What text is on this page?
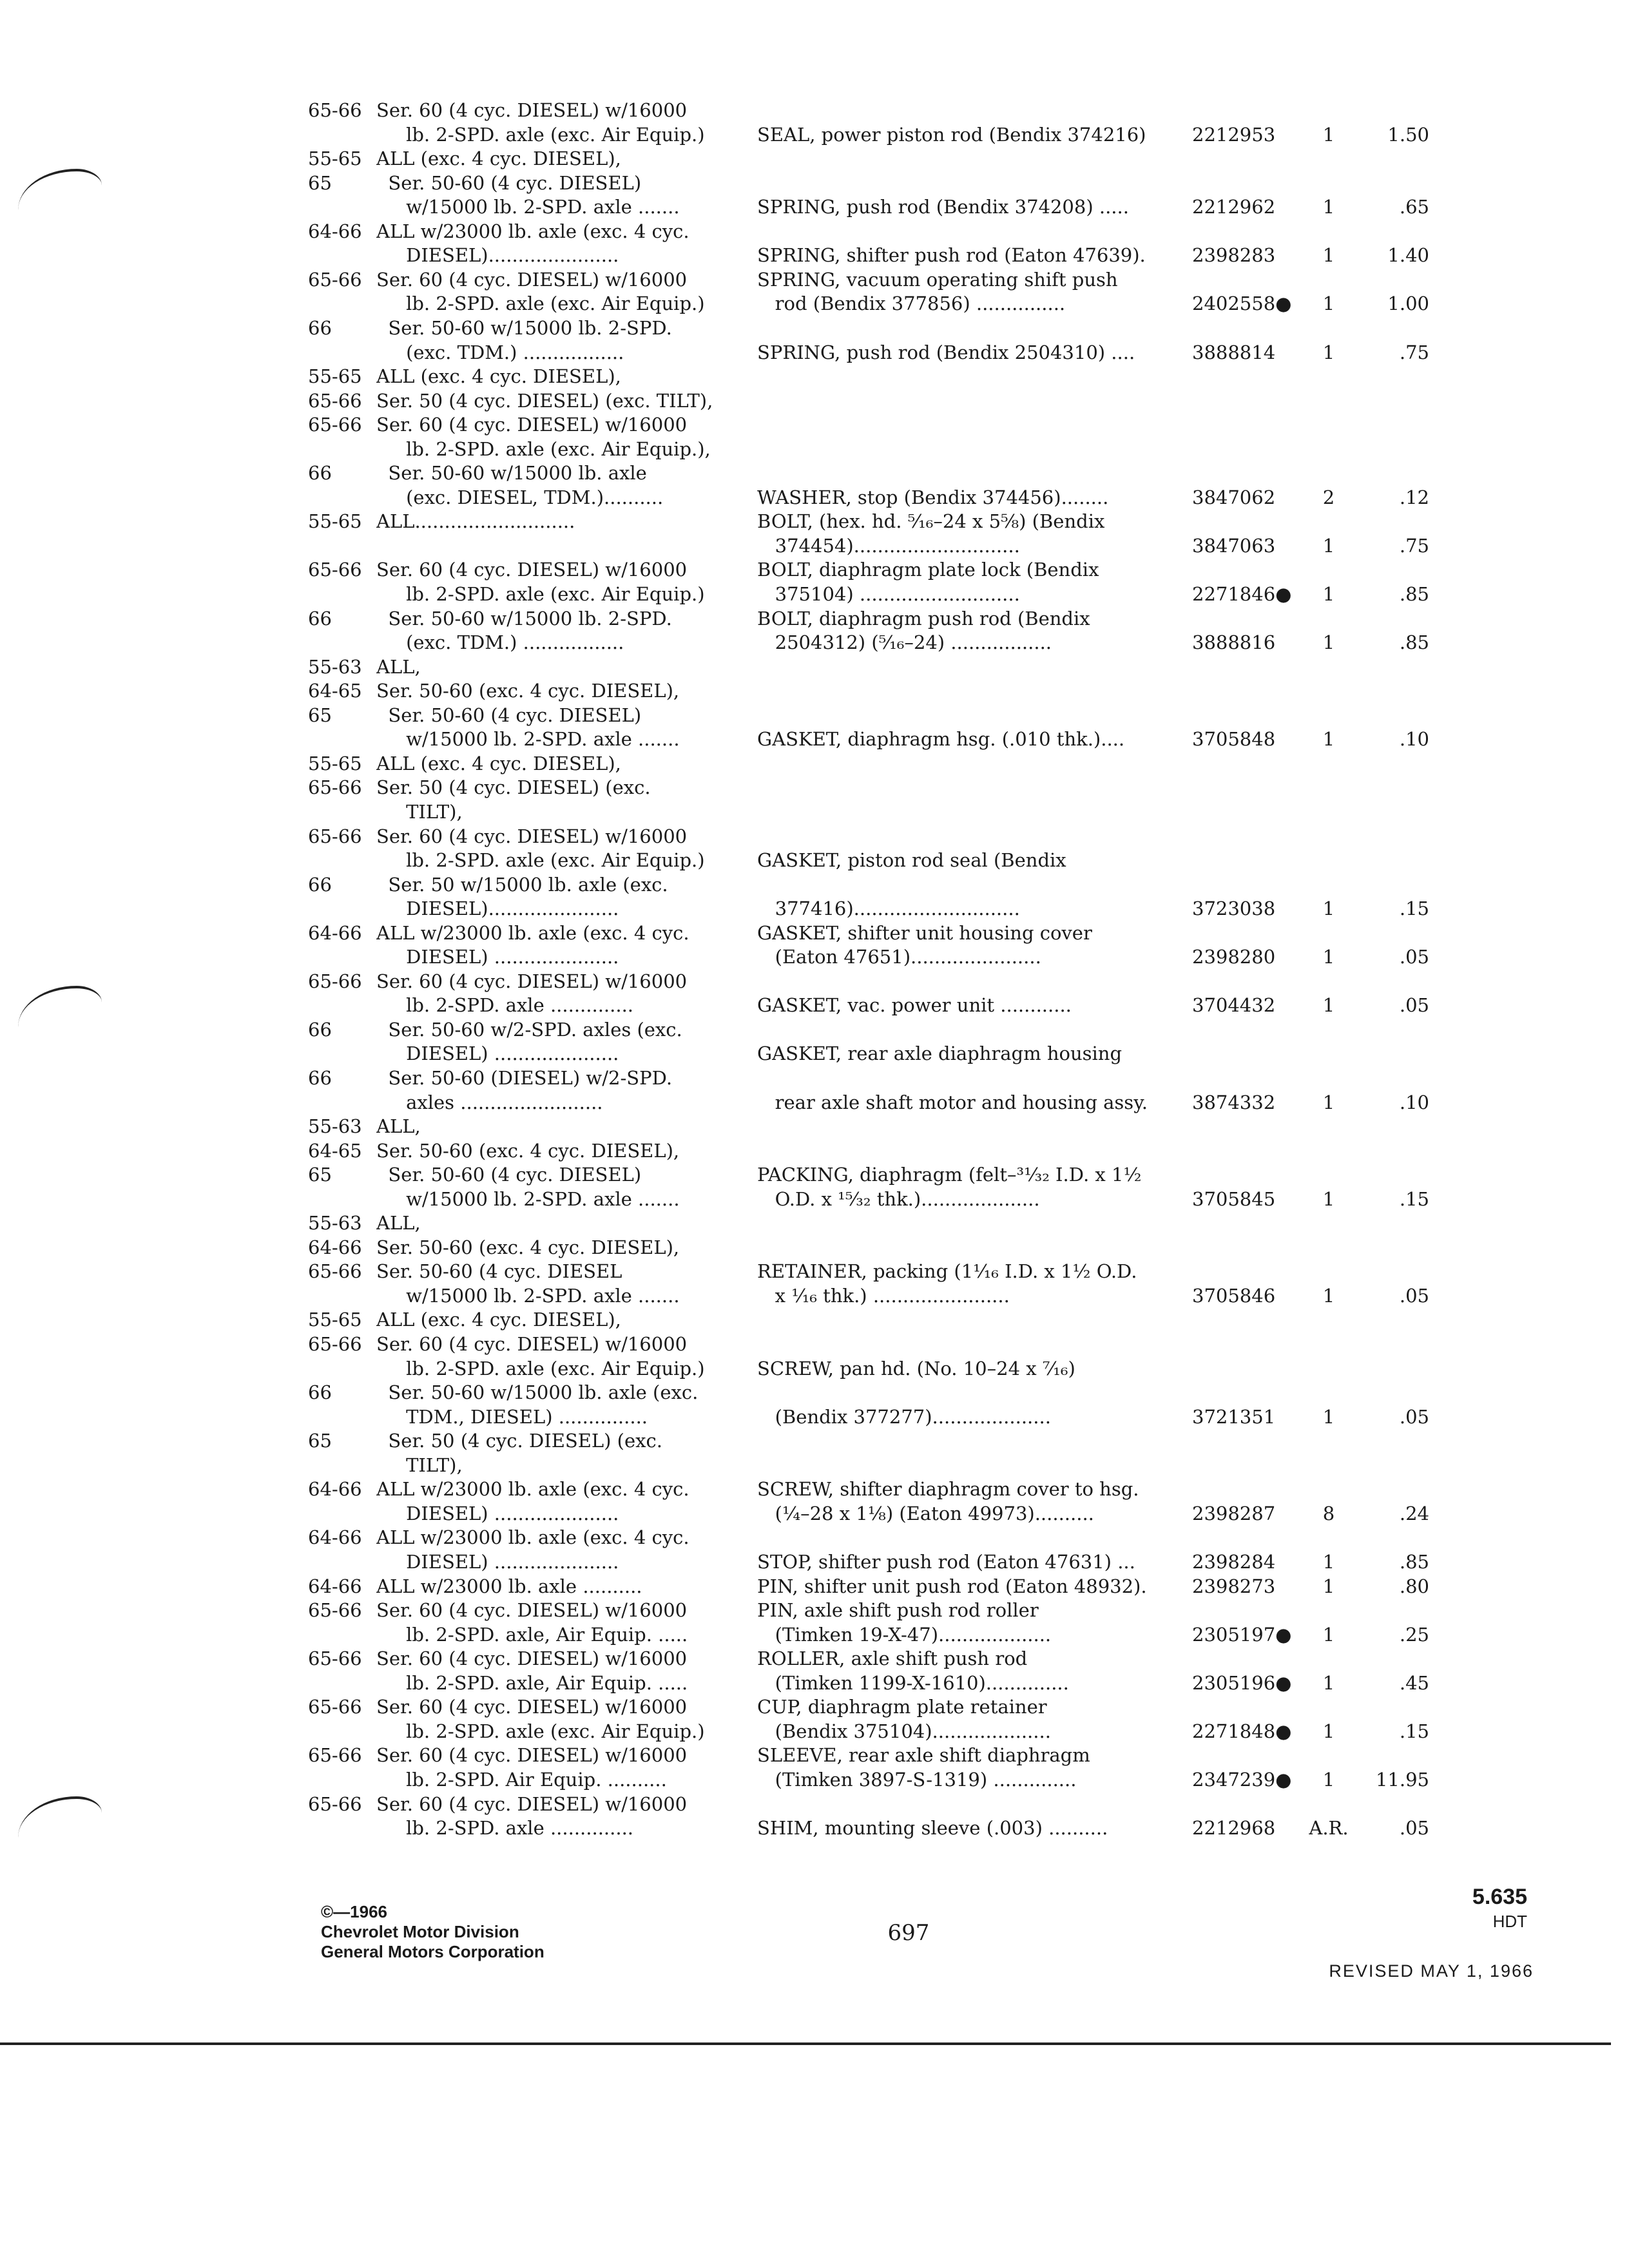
65-66 Ser. 60 (4 cyc. DIESEL) w/16000
lb. 2-SPD. axle (exc. Air Equip.)	SEAL, power piston rod (Bendix 374216)	2212953	1	1.50
55-65 ALL (exc. 4 cyc. DIESEL),
65	Ser. 50-60 (4 cyc. DIESEL)
w/15000 lb. 2-SPD. axle .......	SPRING, push rod (Bendix 374208) .....	2212962	1	.65
64-66 ALL w/23000 lb. axle (exc. 4 cyc.
DIESEL)......................	SPRING, shifter push rod (Eaton 47639).	2398283	1	1.40
65-66 Ser. 60 (4 cyc. DIESEL) w/16000	SPRING, vacuum operating shift push
lb. 2-SPD. axle (exc. Air Equip.)	rod (Bendix 377856) ...............	2402558●	1	1.00
66	Ser. 50-60 w/15000 lb. 2-SPD.
(exc. TDM.) .................	SPRING, push rod (Bendix 2504310) ....	3888814	1	.75
55-65 ALL (exc. 4 cyc. DIESEL),
65-66 Ser. 50 (4 cyc. DIESEL) (exc. TILT),
65-66 Ser. 60 (4 cyc. DIESEL) w/16000
lb. 2-SPD. axle (exc. Air Equip.),
66	Ser. 50-60 w/15000 lb. axle
(exc. DIESEL, TDM.)..........	WASHER, stop (Bendix 374456)........	3847062	2	.12
55-65 ALL...........................	BOLT, (hex. hd. ⁵⁄₁₆–24 x 5⅝) (Bendix
374454)............................	3847063	1	.75
65-66 Ser. 60 (4 cyc. DIESEL) w/16000	BOLT, diaphragm plate lock (Bendix
lb. 2-SPD. axle (exc. Air Equip.)	375104) ...........................	2271846●	1	.85
66	Ser. 50-60 w/15000 lb. 2-SPD.	BOLT, diaphragm push rod (Bendix
(exc. TDM.) .................	2504312) (⁵⁄₁₆–24) .................	3888816	1	.85
55-63 ALL,
64-65 Ser. 50-60 (exc. 4 cyc. DIESEL),
65	Ser. 50-60 (4 cyc. DIESEL)
w/15000 lb. 2-SPD. axle .......	GASKET, diaphragm hsg. (.010 thk.)....	3705848	1	.10
55-65 ALL (exc. 4 cyc. DIESEL),
65-66 Ser. 50 (4 cyc. DIESEL) (exc.
TILT),
65-66 Ser. 60 (4 cyc. DIESEL) w/16000
lb. 2-SPD. axle (exc. Air Equip.)	GASKET, piston rod seal (Bendix
66	Ser. 50 w/15000 lb. axle (exc.
DIESEL)......................	377416)............................	3723038	1	.15
64-66 ALL w/23000 lb. axle (exc. 4 cyc.	GASKET, shifter unit housing cover
DIESEL) .....................	(Eaton 47651)......................	2398280	1	.05
65-66 Ser. 60 (4 cyc. DIESEL) w/16000
lb. 2-SPD. axle ..............	GASKET, vac. power unit ............	3704432	1	.05
66	Ser. 50-60 w/2-SPD. axles (exc.
DIESEL) .....................	GASKET, rear axle diaphragm housing
66	Ser. 50-60 (DIESEL) w/2-SPD.
axles ........................	rear axle shaft motor and housing assy.	3874332	1	.10
55-63 ALL,
64-65 Ser. 50-60 (exc. 4 cyc. DIESEL),
65	Ser. 50-60 (4 cyc. DIESEL)	PACKING, diaphragm (felt–³¹⁄₃₂ I.D. x 1½
w/15000 lb. 2-SPD. axle .......	O.D. x ¹⁵⁄₃₂ thk.)....................	3705845	1	.15
55-63 ALL,
64-66 Ser. 50-60 (exc. 4 cyc. DIESEL),
65-66 Ser. 50-60 (4 cyc. DIESEL	RETAINER, packing (1¹⁄₁₆ I.D. x 1½ O.D.
w/15000 lb. 2-SPD. axle .......	x ¹⁄₁₆ thk.) .......................	3705846	1	.05
55-65 ALL (exc. 4 cyc. DIESEL),
65-66 Ser. 60 (4 cyc. DIESEL) w/16000
lb. 2-SPD. axle (exc. Air Equip.)	SCREW, pan hd. (No. 10–24 x ⁷⁄₁₆)
66	Ser. 50-60 w/15000 lb. axle (exc.
TDM., DIESEL) ...............	(Bendix 377277)....................	3721351	1	.05
65	Ser. 50 (4 cyc. DIESEL) (exc.
TILT),
64-66 ALL w/23000 lb. axle (exc. 4 cyc.	SCREW, shifter diaphragm cover to hsg.
DIESEL) .....................	(¼–28 x 1⅛) (Eaton 49973)..........	2398287	8	.24
64-66 ALL w/23000 lb. axle (exc. 4 cyc.
DIESEL) .....................	STOP, shifter push rod (Eaton 47631) ...	2398284	1	.85
64-66 ALL w/23000 lb. axle ..........	PIN, shifter unit push rod (Eaton 48932).	2398273	1	.80
65-66 Ser. 60 (4 cyc. DIESEL) w/16000	PIN, axle shift push rod roller
lb. 2-SPD. axle, Air Equip. .....	(Timken 19-X-47)...................	2305197●	1	.25
65-66 Ser. 60 (4 cyc. DIESEL) w/16000	ROLLER, axle shift push rod
lb. 2-SPD. axle, Air Equip. .....	(Timken 1199-X-1610)..............	2305196●	1	.45
65-66 Ser. 60 (4 cyc. DIESEL) w/16000	CUP, diaphragm plate retainer
lb. 2-SPD. axle (exc. Air Equip.)	(Bendix 375104)....................	2271848●	1	.15
65-66 Ser. 60 (4 cyc. DIESEL) w/16000	SLEEVE, rear axle shift diaphragm
lb. 2-SPD. Air Equip. ..........	(Timken 3897-S-1319) ..............	2347239●	1	11.95
65-66 Ser. 60 (4 cyc. DIESEL) w/16000
lb. 2-SPD. axle ..............	SHIM, mounting sleeve (.003) ..........	2212968	A.R.	.05
©—1966
Chevrolet Motor Division
General Motors Corporation
697
5.635
HDT
REVISED MAY 1, 1966
